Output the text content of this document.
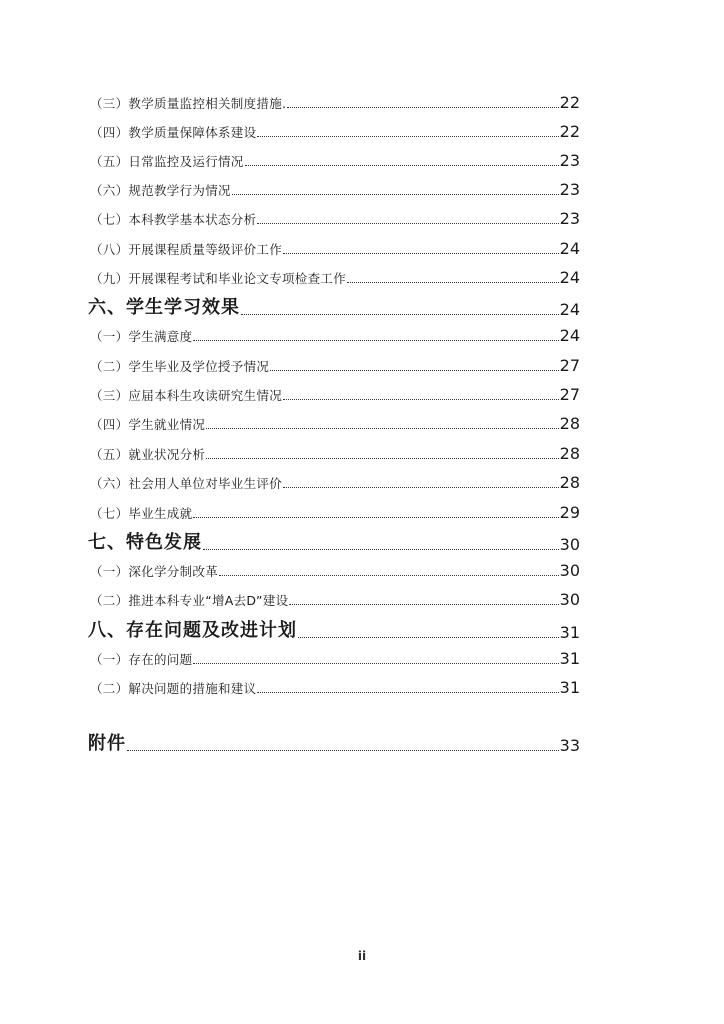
（三）教学质量监控相关制度措施.	22
（四）教学质量保障体系建设	22
（五）日常监控及运行情况	23
（六）规范教学行为情况	23
（七）本科教学基本状态分析	23
（八）开展课程质量等级评价工作	24
（九）开展课程考试和毕业论文专项检查工作	24
六、学生学习效果	24
（一）学生满意度	24
（二）学生毕业及学位授予情况	27
（三）应届本科生攻读研究生情况	27
（四）学生就业情况	28
（五）就业状况分析	28
（六）社会用人单位对毕业生评价	28
（七）毕业生成就	29
七、特色发展	30
（一）深化学分制改革	30
（二）推进本科专业“增A去D”建设	30
八、存在问题及改进计划	31
（一）存在的问题	31
（二）解决问题的措施和建议	31
附件	33
ii
